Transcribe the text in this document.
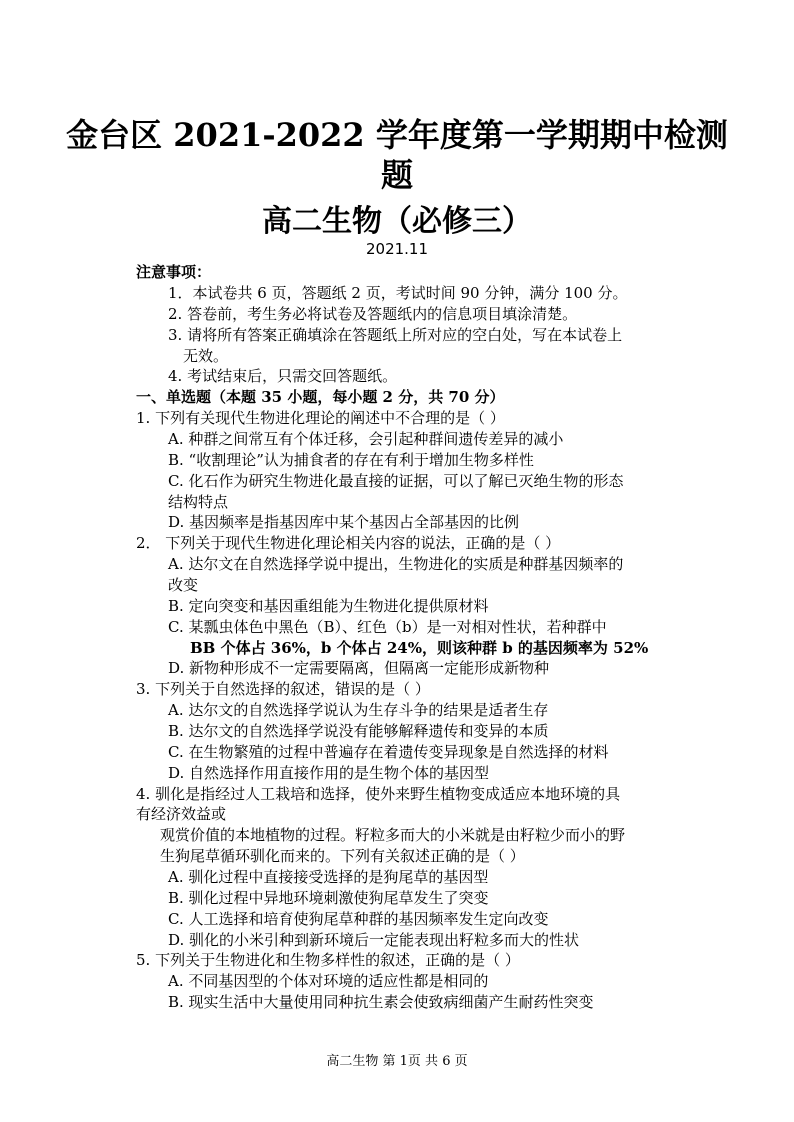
金台区 2021-2022 学年度第一学期期中检测
题
高二生物（必修三）
2021.11
注意事项：
1．本试卷共 6 页，答题纸 2 页，考试时间 90 分钟，满分 100 分。
2. 答卷前，考生务必将试卷及答题纸内的信息项目填涂清楚。
3. 请将所有答案正确填涂在答题纸上所对应的空白处，写在本试卷上
无效。
4. 考试结束后，只需交回答题纸。
一、单选题（本题 35 小题，每小题 2 分，共 70 分）
1. 下列有关现代生物进化理论的阐述中不合理的是（ ）
A. 种群之间常互有个体迁移，会引起种群间遗传差异的减小
B. “收割理论”认为捕食者的存在有利于增加生物多样性
C. 化石作为研究生物进化最直接的证据，可以了解已灭绝生物的形态
结构特点
D. 基因频率是指基因库中某个基因占全部基因的比例
2． 下列关于现代生物进化理论相关内容的说法，正确的是（ ）
A. 达尔文在自然选择学说中提出，生物进化的实质是种群基因频率的
改变
B. 定向突变和基因重组能为生物进化提供原材料
C. 某瓢虫体色中黑色（B）、红色（b）是一对相对性状，若种群中
BB 个体占 36%，b 个体占 24%，则该种群 b 的基因频率为 52%
D. 新物种形成不一定需要隔离，但隔离一定能形成新物种
3. 下列关于自然选择的叙述，错误的是（ ）
A. 达尔文的自然选择学说认为生存斗争的结果是适者生存
B. 达尔文的自然选择学说没有能够解释遗传和变异的本质
C. 在生物繁殖的过程中普遍存在着遗传变异现象是自然选择的材料
D. 自然选择作用直接作用的是生物个体的基因型
4. 驯化是指经过人工栽培和选择，使外来野生植物变成适应本地环境的具
有经济效益或
观赏价值的本地植物的过程。籽粒多而大的小米就是由籽粒少而小的野
生狗尾草循环驯化而来的。下列有关叙述正确的是（ ）
A. 驯化过程中直接接受选择的是狗尾草的基因型
B. 驯化过程中异地环境刺激使狗尾草发生了突变
C. 人工选择和培育使狗尾草种群的基因频率发生定向改变
D. 驯化的小米引种到新环境后一定能表现出籽粒多而大的性状
5. 下列关于生物进化和生物多样性的叙述，正确的是（ ）
A. 不同基因型的个体对环境的适应性都是相同的
B. 现实生活中大量使用同种抗生素会使致病细菌产生耐药性突变
高二生物 第 1页 共 6 页
